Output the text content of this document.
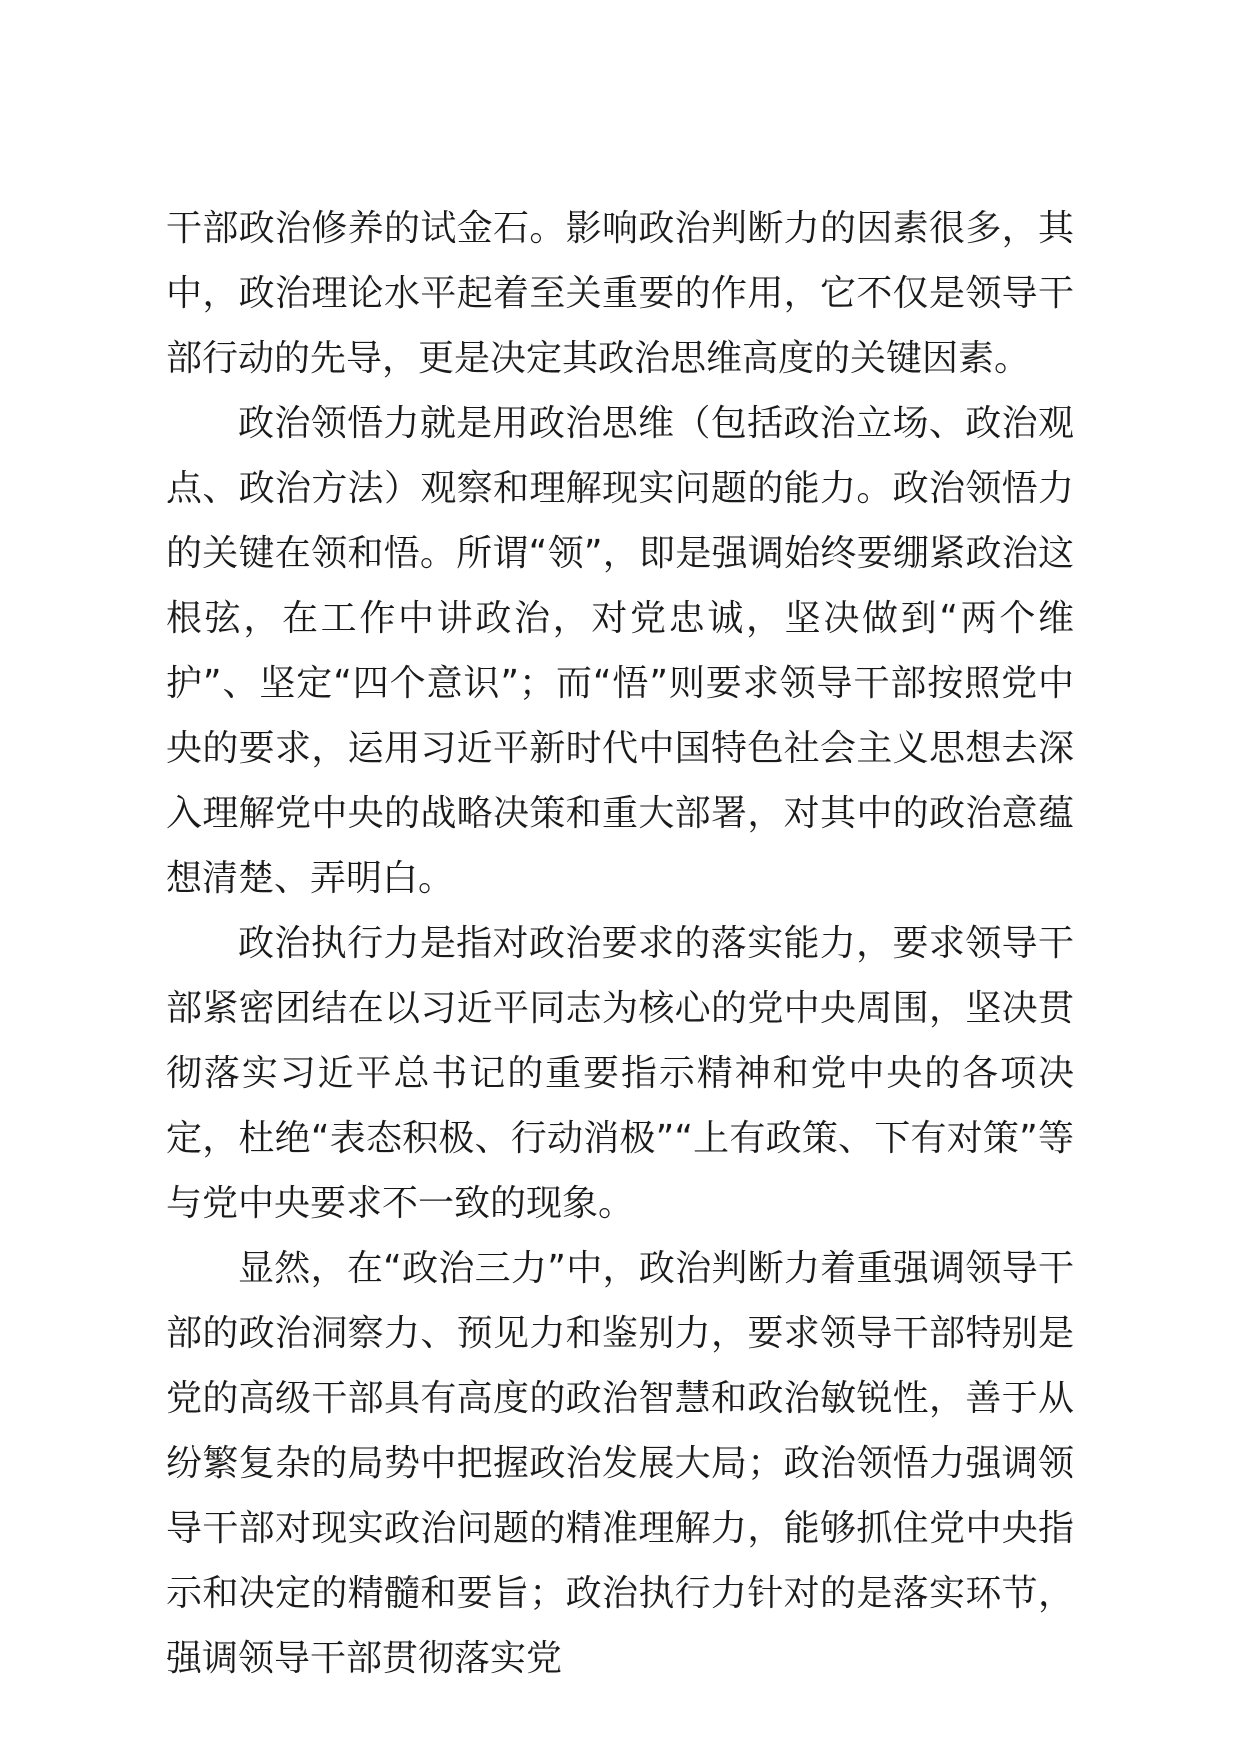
干部政治修养的试金石。影响政治判断力的因素很多，其中，政治理论水平起着至关重要的作用，它不仅是领导干部行动的先导，更是决定其政治思维高度的关键因素。

政治领悟力就是用政治思维（包括政治立场、政治观点、政治方法）观察和理解现实问题的能力。政治领悟力的关键在领和悟。所谓“领”，即是强调始终要绷紧政治这根弦，在工作中讲政治，对党忠诚，坚决做到“两个维护”、坚定“四个意识”；而“悟”则要求领导干部按照党中央的要求，运用习近平新时代中国特色社会主义思想去深入理解党中央的战略决策和重大部署，对其中的政治意蕴想清楚、弄明白。

政治执行力是指对政治要求的落实能力，要求领导干部紧密团结在以习近平同志为核心的党中央周围，坚决贯彻落实习近平总书记的重要指示精神和党中央的各项决定，杜绝“表态积极、行动消极”“上有政策、下有对策”等与党中央要求不一致的现象。

显然，在“政治三力”中，政治判断力着重强调领导干部的政治洞察力、预见力和鉴别力，要求领导干部特别是党的高级干部具有高度的政治智慧和政治敏锐性，善于从纷繁复杂的局势中把握政治发展大局；政治领悟力强调领导干部对现实政治问题的精准理解力，能够抓住党中央指示和决定的精髓和要旨；政治执行力针对的是落实环节，强调领导干部贯彻落实党
